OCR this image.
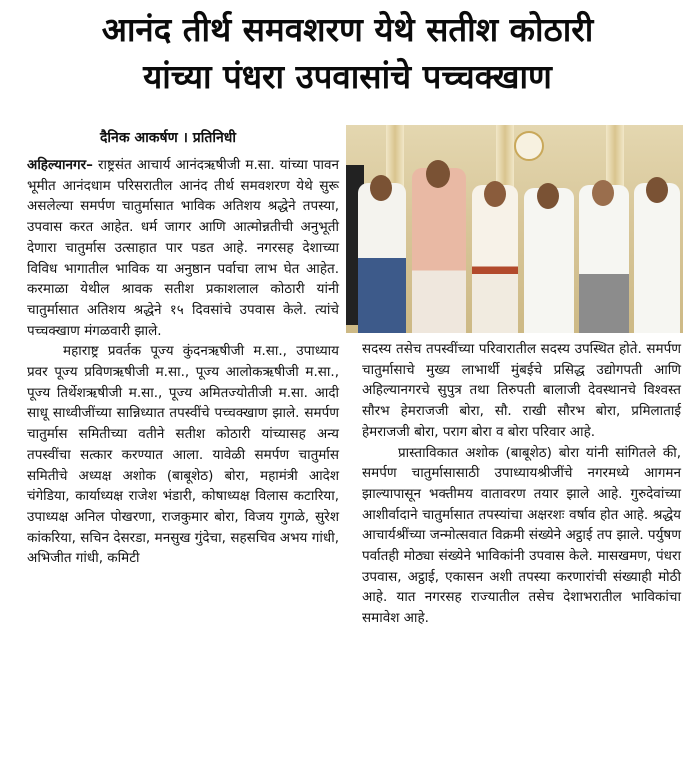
आनंद तीर्थ समवशरण येथे सतीश कोठारी
यांच्या पंधरा उपवासांचे पच्चक्खाण
दैनिक आकर्षण । प्रतिनिधी

अहिल्यानगर– राष्ट्रसंत आचार्य आनंदऋषीजी म.सा. यांच्या पावन भूमीत आनंदधाम परिसरातील आनंद तीर्थ समवशरण येथे सुरू असलेल्या समर्पण चातुर्मासात भाविक अतिशय श्रद्धेने तपस्या, उपवास करत आहेत. धर्म जागर आणि आत्मोन्नतीची अनुभूती देणारा चातुर्मास उत्साहात पार पडत आहे. नगरसह देशाच्या विविध भागातील भाविक या अनुष्ठान पर्वाचा लाभ घेत आहेत. करमाळा येथील श्रावक सतीश प्रकाशलाल कोठारी यांनी चातुर्मासात अतिशय श्रद्धेने १५ दिवसांचे उपवास केले. त्यांचे पच्चक्खाण मंगळवारी झाले.

महाराष्ट्र प्रवर्तक पूज्य कुंदनऋषीजी म.सा., उपाध्याय प्रवर पूज्य प्रविणऋषीजी म.सा., पूज्य आलोकऋषीजी म.सा., पूज्य तिर्थेशऋषीजी म.सा., पूज्य अमितज्योतीजी म.सा. आदी साधू साध्वीजींच्या सान्निध्यात तपस्वींचे पच्चक्खाण झाले. समर्पण चातुर्मास समितीच्या वतीने सतीश कोठारी यांच्यासह अन्य तपस्वींचा सत्कार करण्यात आला. यावेळी समर्पण चातुर्मास समितीचे अध्यक्ष अशोक (बाबूशेठ) बोरा, महामंत्री आदेश चंगेडिया, कार्याध्यक्ष राजेश भंडारी, कोषाध्यक्ष विलास कटारिया, उपाध्यक्ष अनिल पोखरणा, राजकुमार बोरा, विजय गुगळे, सुरेश कांकरिया, सचिन देसरडा, मनसुख गुंदेचा, सहसचिव अभय गांधी, अभिजीत गांधी, कमिटी

सदस्य तसेच तपस्वींच्या परिवारातील सदस्य उपस्थित होते. समर्पण चातुर्मासाचे मुख्य लाभार्थी मुंबईचे प्रसिद्ध उद्योगपती आणि अहिल्यानगरचे सुपुत्र तथा तिरुपती बालाजी देवस्थानचे विश्वस्त सौरभ हेमराजजी बोरा, सौ. राखी सौरभ बोरा, प्रमिलाताई हेमराजजी बोरा, पराग बोरा व बोरा परिवार आहे.

प्रास्ताविकात अशोक (बाबूशेठ) बोरा यांनी सांगितले की, समर्पण चातुर्मासासाठी उपाध्यायश्रीजींचे नगरमध्ये आगमन झाल्यापासून भक्तीमय वातावरण तयार झाले आहे. गुरुदेवांच्या आशीर्वादाने चातुर्मासात तपस्यांचा अक्षरशः वर्षाव होत आहे. श्रद्धेय आचार्यश्रींच्या जन्मोत्सवात विक्रमी संख्येने अट्ठाई तप झाले. पर्युषण पर्वातही मोठ्या संख्येने भाविकांनी उपवास केले. मासखमण, पंधरा उपवास, अट्ठाई, एकासन अशी तपस्या करणारांची संख्याही मोठी आहे. यात नगरसह राज्यातील तसेच देशाभरातील भाविकांचा समावेश आहे.
